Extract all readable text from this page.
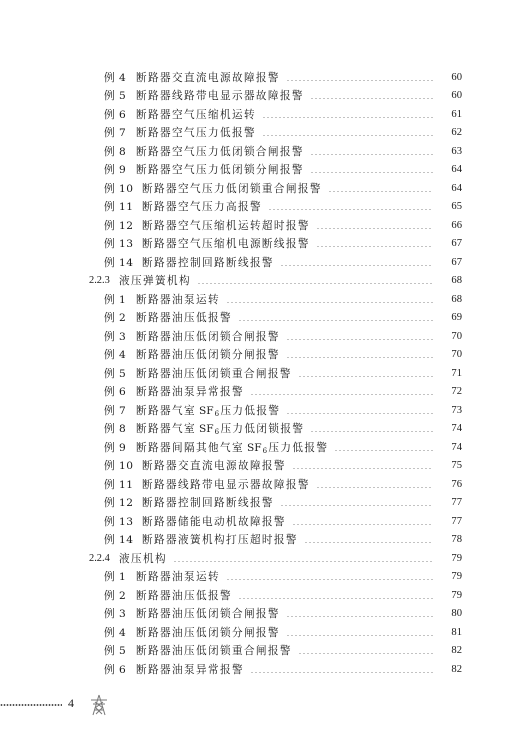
例 4 断路器交直流电源故障报警	60
例 5 断路器线路带电显示器故障报警	60
例 6 断路器空气压缩机运转	61
例 7 断路器空气压力低报警	62
例 8 断路器空气压力低闭锁合闸报警	63
例 9 断路器空气压力低闭锁分闸报警	64
例 10 断路器空气压力低闭锁重合闸报警	64
例 11 断路器空气压力高报警	65
例 12 断路器空气压缩机运转超时报警	66
例 13 断路器空气压缩机电源断线报警	67
例 14 断路器控制回路断线报警	67
2.2.3 液压弹簧机构	68
例 1 断路器油泵运转	68
例 2 断路器油压低报警	69
例 3 断路器油压低闭锁合闸报警	70
例 4 断路器油压低闭锁分闸报警	70
例 5 断路器油压低闭锁重合闸报警	71
例 6 断路器油泵异常报警	72
例 7 断路器气室 $SF_6$压力低报警	73
例 8 断路器气室 $SF_6$压力低闭锁报警	74
例 9 断路器间隔其他气室 $SF_6$压力低报警	74
例 10 断路器交直流电源故障报警	75
例 11 断路器线路带电显示器故障报警	76
例 12 断路器控制回路断线报警	77
例 13 断路器储能电动机故障报警	77
例 14 断路器液簧机构打压超时报警	78
2.2.4 液压机构	79
例 1 断路器油泵运转	79
例 2 断路器油压低报警	79
例 3 断路器油压低闭锁合闸报警	80
例 4 断路器油压低闭锁分闸报警	81
例 5 断路器油压低闭锁重合闸报警	82
例 6 断路器油泵异常报警	82
4
